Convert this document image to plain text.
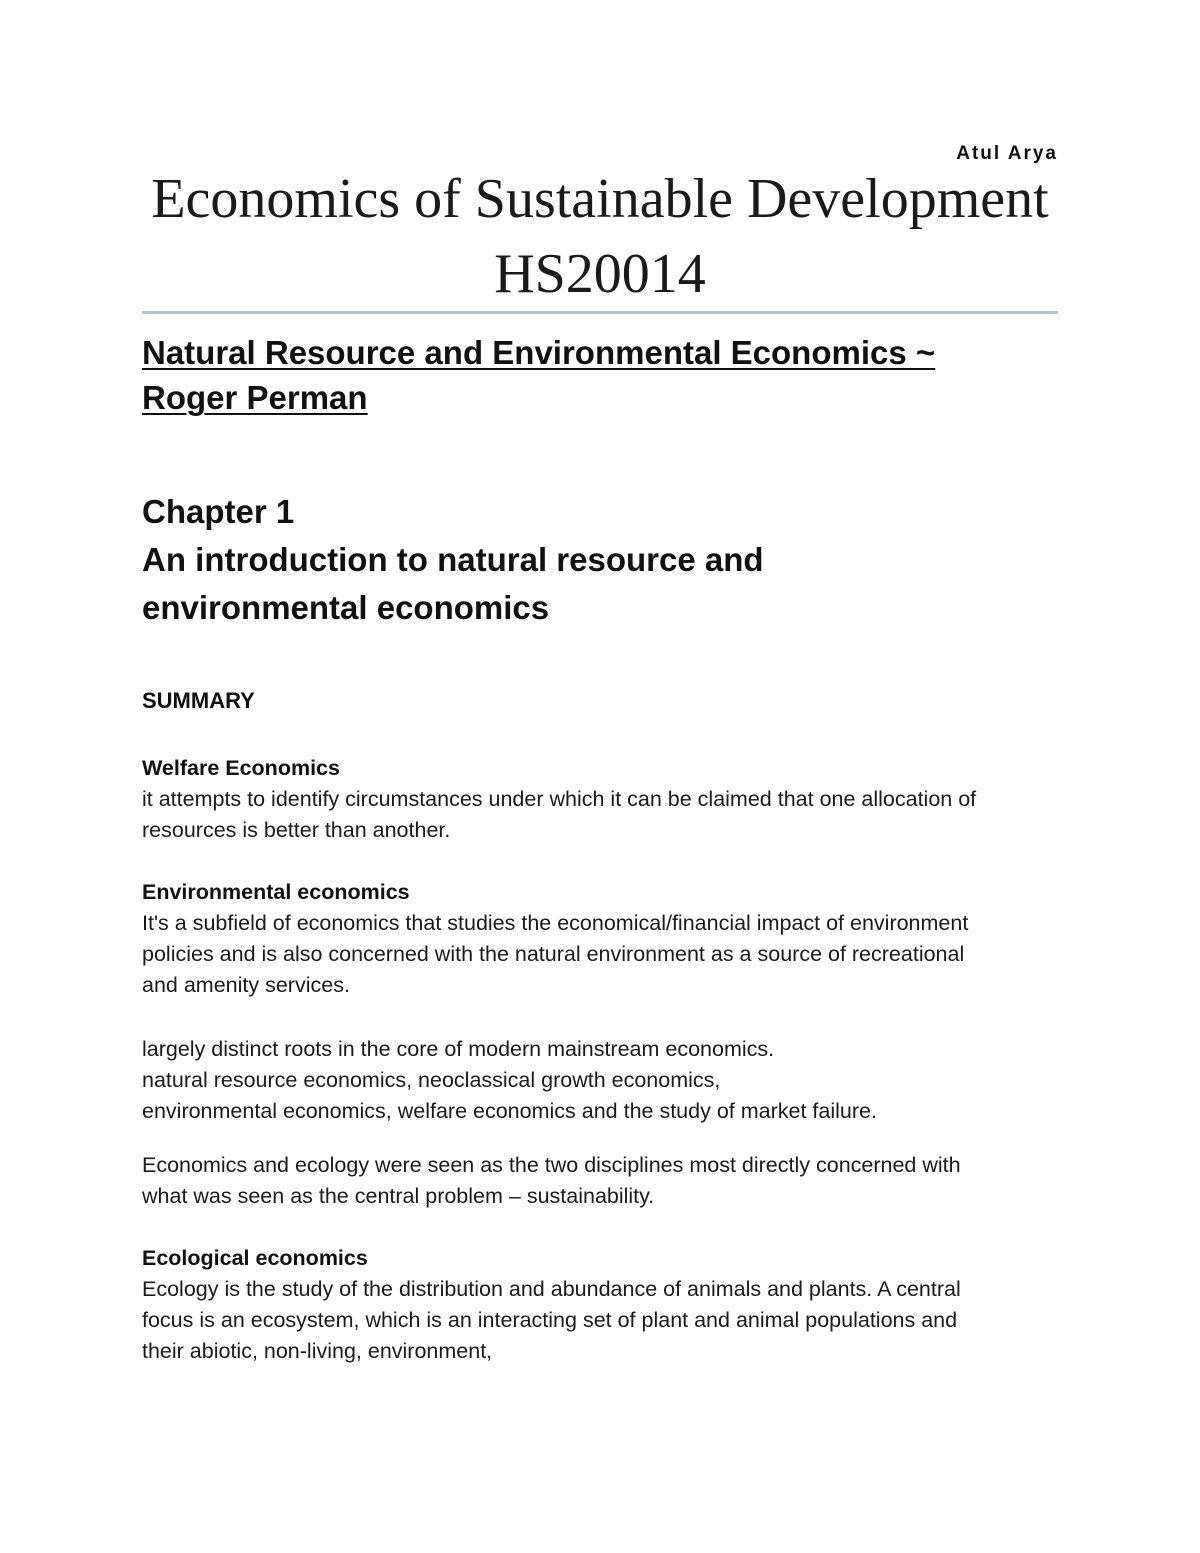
Atul Arya
Economics of Sustainable Development
HS20014
Natural Resource and Environmental Economics ~
Roger Perman
Chapter 1
An introduction to natural resource and
environmental economics
SUMMARY
Welfare Economics
it attempts to identify circumstances under which it can be claimed that one allocation of
resources is better than another.
Environmental economics
It's a subfield of economics that studies the economical/financial impact of environment
policies and is also concerned with the natural environment as a source of recreational
and amenity services.
largely distinct roots in the core of modern mainstream economics.
natural resource economics, neoclassical growth economics,
environmental economics, welfare economics and the study of market failure.
Economics and ecology were seen as the two disciplines most directly concerned with
what was seen as the central problem – sustainability.
Ecological economics
Ecology is the study of the distribution and abundance of animals and plants. A central
focus is an ecosystem, which is an interacting set of plant and animal populations and
their abiotic, non-living, environment,
